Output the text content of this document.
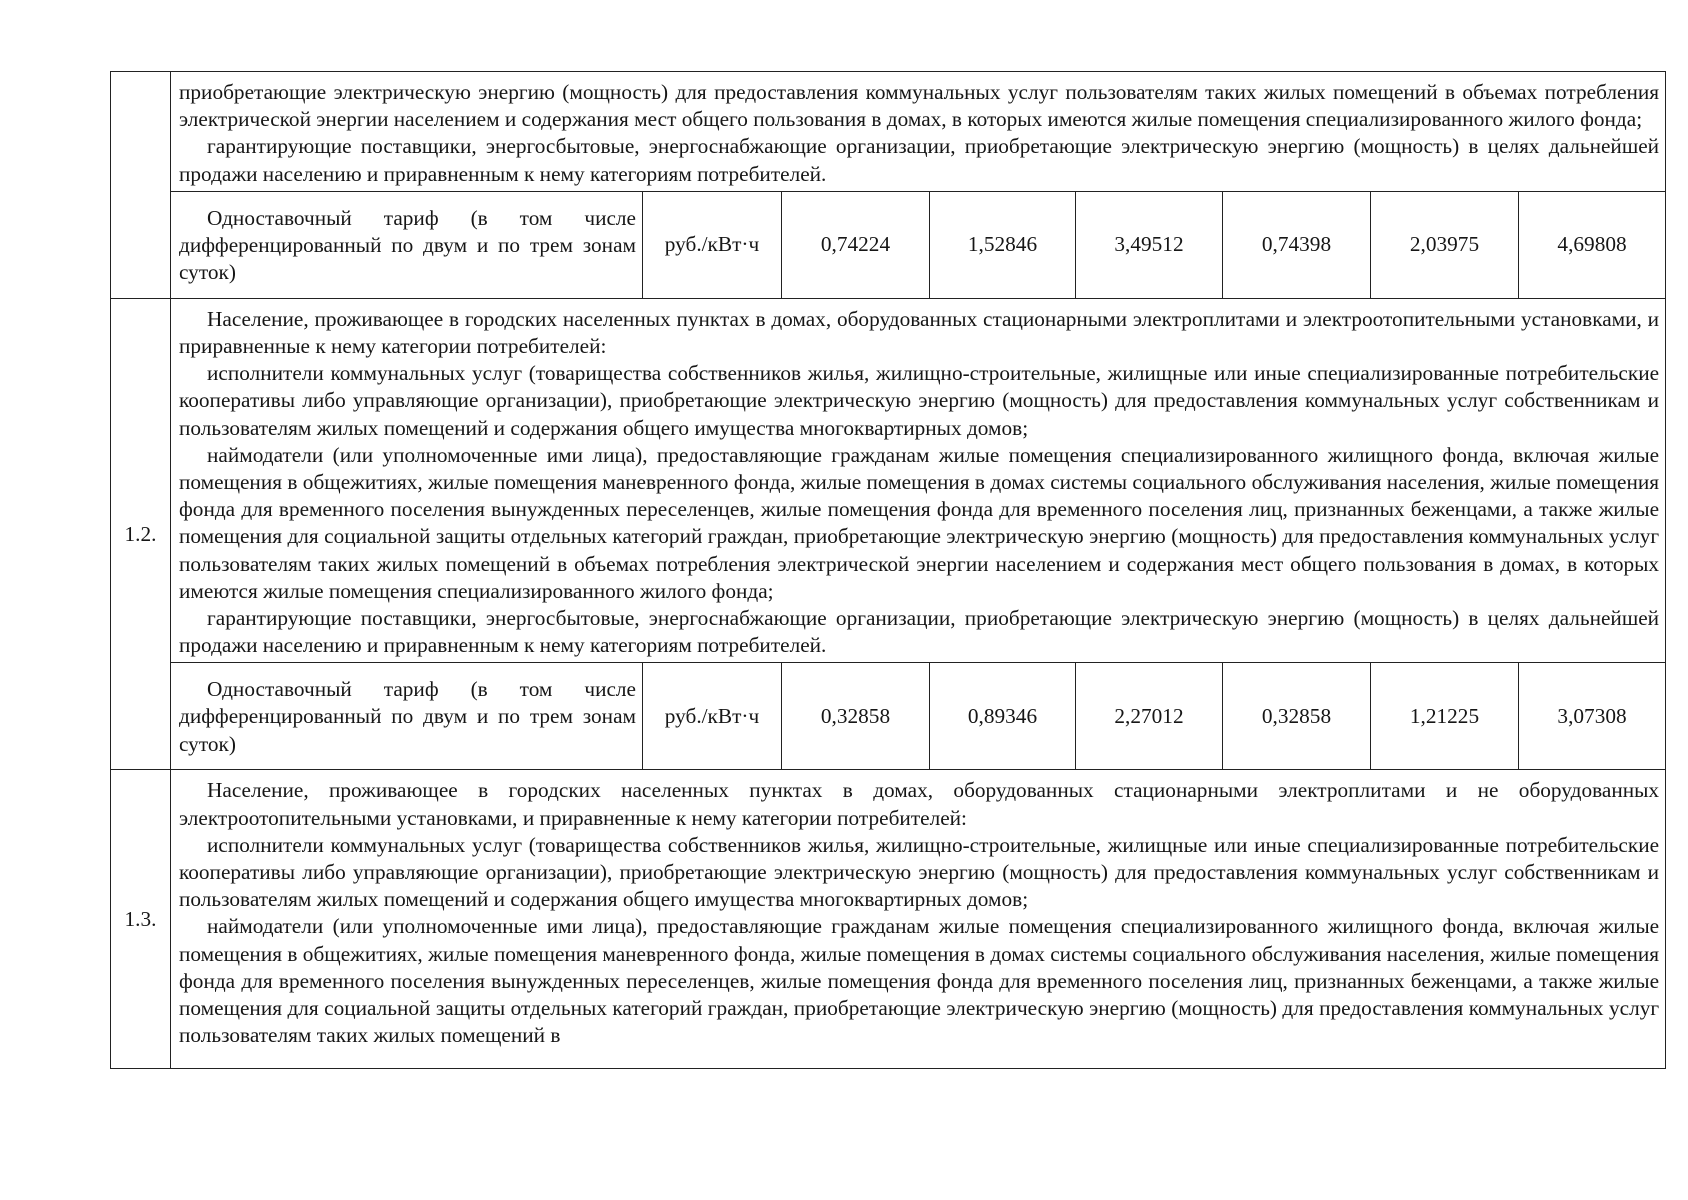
	приобретающие электрическую энергию (мощность) для предоставления коммунальных услуг пользователям таких жилых помещений в объемах потребления электрической энергии населением и содержания мест общего пользования в домах, в которых имеются жилые помещения специализированного жилого фонда;

гарантирующие поставщики, энергосбытовые, энергоснабжающие организации, приобретающие электрическую энергию (мощность) в целях дальнейшей продажи населению и приравненным к нему категориям потребителей.							

	Одноставочный тариф (в том числе дифференцированный по двум и по трем зонам суток)	руб./кВт·ч	0,74224	1,52846	3,49512	0,74398	2,03975	4,69808
1.2.	Население, проживающее в городских населенных пунктах в домах, оборудованных стационарными электроплитами и электроотопительными установками, и приравненные к нему категории потребителей:

исполнители коммунальных услуг (товарищества собственников жилья, жилищно-строительные, жилищные или иные специализированные потребительские кооперативы либо управляющие организации), приобретающие электрическую энергию (мощность) для предоставления коммунальных услуг собственникам и пользователям жилых помещений и содержания общего имущества многоквартирных домов;

наймодатели (или уполномоченные ими лица), предоставляющие гражданам жилые помещения специализированного жилищного фонда, включая жилые помещения в общежитиях, жилые помещения маневренного фонда, жилые помещения в домах системы социального обслуживания населения, жилые помещения фонда для временного поселения вынужденных переселенцев, жилые помещения фонда для временного поселения лиц, признанных беженцами, а также жилые помещения для социальной защиты отдельных категорий граждан, приобретающие электрическую энергию (мощность) для предоставления коммунальных услуг пользователям таких жилых помещений в объемах потребления электрической энергии населением и содержания мест общего пользования в домах, в которых имеются жилые помещения специализированного жилого фонда;

гарантирующие поставщики, энергосбытовые, энергоснабжающие организации, приобретающие электрическую энергию (мощность) в целях дальнейшей продажи населению и приравненным к нему категориям потребителей.							

	Одноставочный тариф (в том числе дифференцированный по двум и по трем зонам суток)	руб./кВт·ч	0,32858	0,89346	2,27012	0,32858	1,21225	3,07308
1.3.	Население, проживающее в городских населенных пунктах в домах, оборудованных стационарными электроплитами и не оборудованных электроотопительными установками, и приравненные к нему категории потребителей:

исполнители коммунальных услуг (товарищества собственников жилья, жилищно-строительные, жилищные или иные специализированные потребительские кооперативы либо управляющие организации), приобретающие электрическую энергию (мощность) для предоставления коммунальных услуг собственникам и пользователям жилых помещений и содержания общего имущества многоквартирных домов;

наймодатели (или уполномоченные ими лица), предоставляющие гражданам жилые помещения специализированного жилищного фонда, включая жилые помещения в общежитиях, жилые помещения маневренного фонда, жилые помещения в домах системы социального обслуживания населения, жилые помещения фонда для временного поселения вынужденных переселенцев, жилые помещения фонда для временного поселения лиц, признанных беженцами, а также жилые помещения для социальной защиты отдельных категорий граждан, приобретающие электрическую энергию (мощность) для предоставления коммунальных услуг пользователям таких жилых помещений в							
